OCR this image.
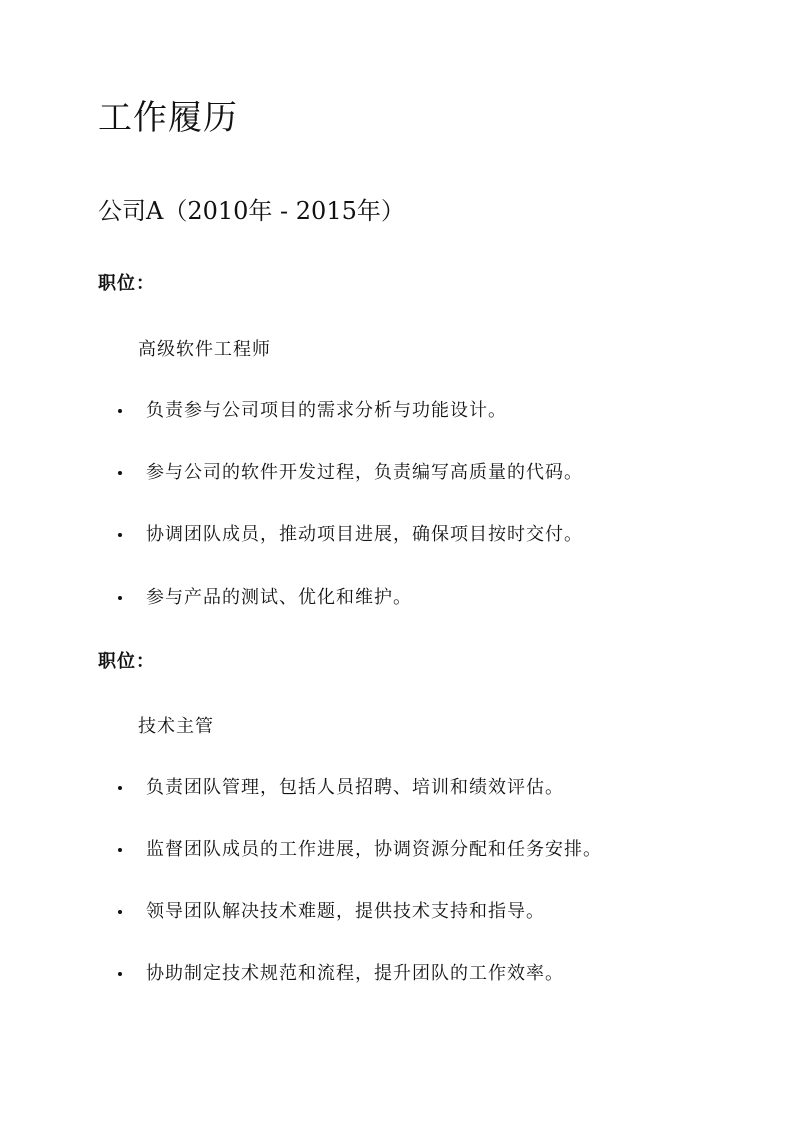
工作履历
公司A（2010年 - 2015年）
职位：
高级软件工程师
负责参与公司项目的需求分析与功能设计。
参与公司的软件开发过程，负责编写高质量的代码。
协调团队成员，推动项目进展，确保项目按时交付。
参与产品的测试、优化和维护。
职位：
技术主管
负责团队管理，包括人员招聘、培训和绩效评估。
监督团队成员的工作进展，协调资源分配和任务安排。
领导团队解决技术难题，提供技术支持和指导。
协助制定技术规范和流程，提升团队的工作效率。
